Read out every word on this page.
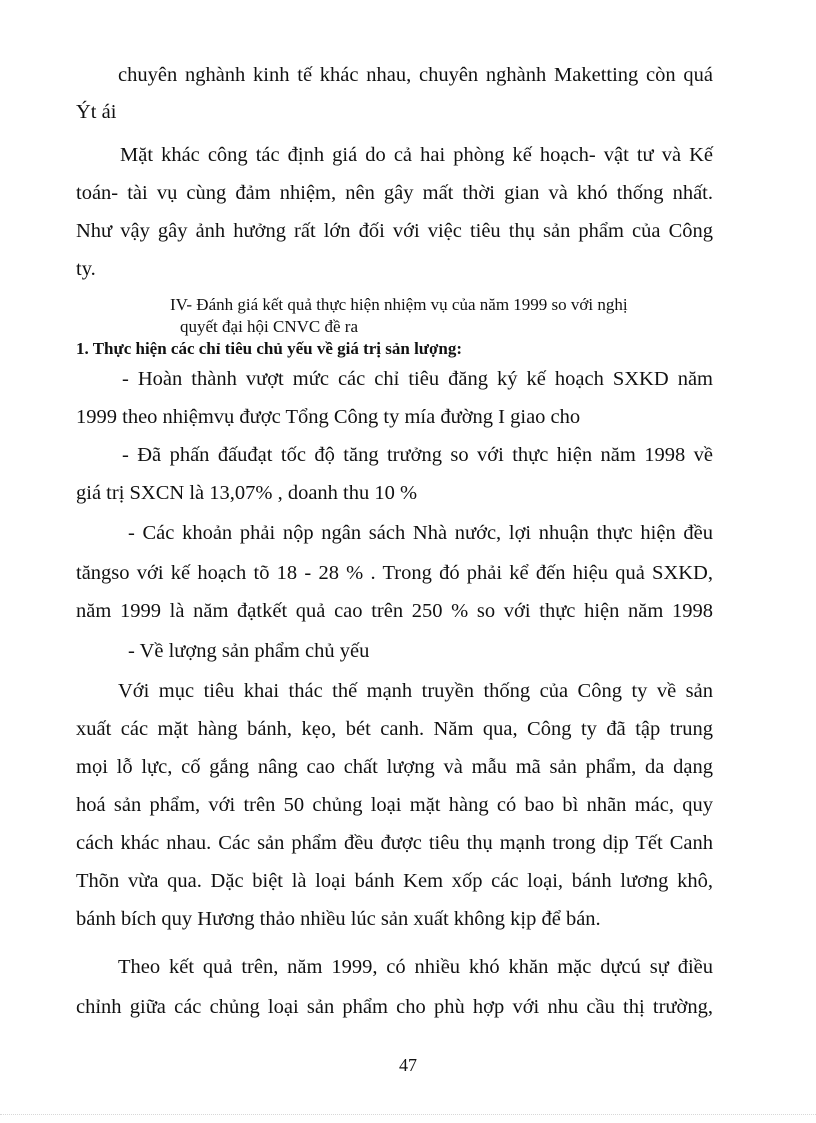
chuyên nghành kinh tế khác nhau, chuyên nghành Maketting còn quá

Ýt ái

Mặt khác công tác định giá do cả hai phòng kế hoạch- vật tư và Kế

toán- tài vụ cùng đảm nhiệm, nên gây mất thời gian và khó thống nhất.

Như vậy gây ảnh hưởng rất lớn đối với việc tiêu thụ sản phẩm của Công

ty.

IV- Đánh giá kết quả thực hiện nhiệm vụ của năm 1999 so với nghị

quyết đại hội CNVC đề ra

1. Thực hiện các chỉ tiêu chủ yếu về giá trị sản lượng:

- Hoàn thành vượt mức các chỉ tiêu đăng ký kế hoạch SXKD năm

1999 theo nhiệmvụ được Tổng Công ty mía đường I giao cho

- Đã phấn đấuđạt tốc độ tăng trưởng so với thực hiện năm 1998 về

giá trị SXCN là 13,07% , doanh thu 10 %

- Các khoản phải nộp ngân sách Nhà nước, lợi nhuận thực hiện đều

tăngso với kế hoạch tõ 18 - 28 % . Trong đó phải kể đến hiệu quả SXKD,

năm 1999 là năm đạtkết quả cao trên 250 % so với thực hiện năm 1998

- Về lượng sản phẩm chủ yếu

Với mục tiêu khai thác thế mạnh truyền thống của Công ty về sản

xuất các mặt hàng bánh, kẹo, bét canh. Năm qua, Công ty đã tập trung

mọi lỗ lực, cố gắng nâng cao chất lượng và mẫu mã sản phẩm, da dạng

hoá sản phẩm, với trên 50 chủng loại mặt hàng có bao bì nhãn mác, quy

cách khác nhau. Các sản phẩm đều được tiêu thụ mạnh trong dịp Tết Canh

Thõn vừa qua. Dặc biệt là loại bánh Kem xốp các loại, bánh lương khô,

bánh bích quy Hương thảo nhiều lúc sản xuất không kịp để bán.

Theo kết quả trên, năm 1999, có nhiều khó khăn mặc dựcú sự điều

chỉnh giữa các chủng loại sản phẩm cho phù hợp với nhu cầu thị trường,

47
